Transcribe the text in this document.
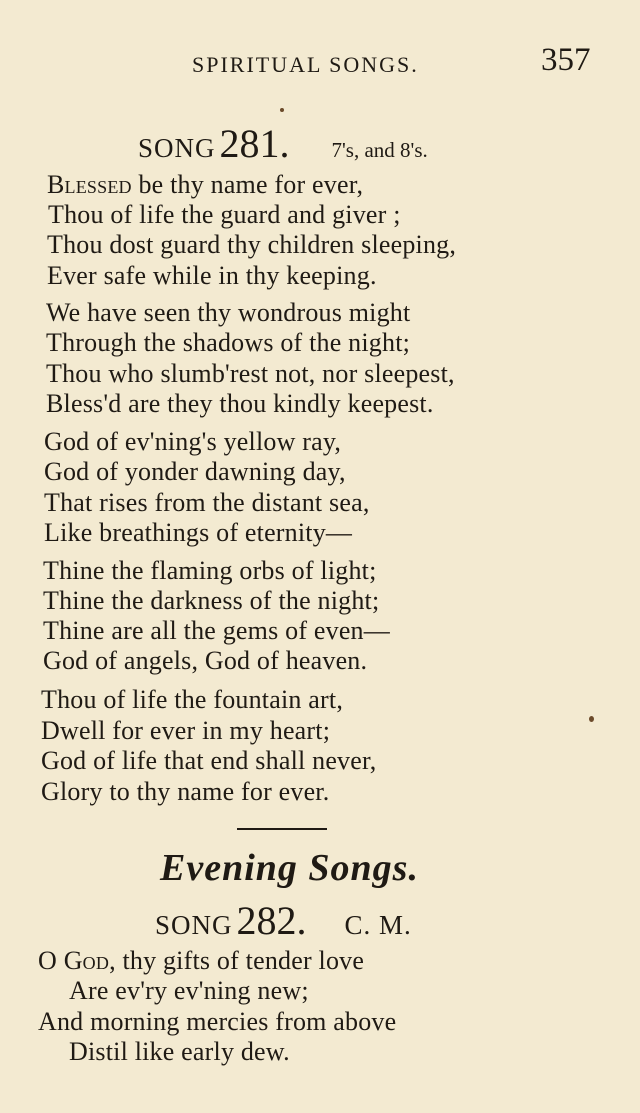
SPIRITUAL SONGS.	357
SONG 281. 7's, and 8's.
Blessed be thy name for ever,
Thou of life the guard and giver ;
Thou dost guard thy children sleeping,
Ever safe while in thy keeping.
We have seen thy wondrous might
Through the shadows of the night;
Thou who slumb'rest not, nor sleepest,
Bless'd are they thou kindly keepest.
God of ev'ning's yellow ray,
God of yonder dawning day,
That rises from the distant sea,
Like breathings of eternity—
Thine the flaming orbs of light;
Thine the darkness of the night;
Thine are all the gems of even—
God of angels, God of heaven.
Thou of life the fountain art,
Dwell for ever in my heart;
God of life that end shall never,
Glory to thy name for ever.
Evening Songs.
SONG 282. C. M.
O God, thy gifts of tender love
Are ev'ry ev'ning new;
And morning mercies from above
Distil like early dew.
